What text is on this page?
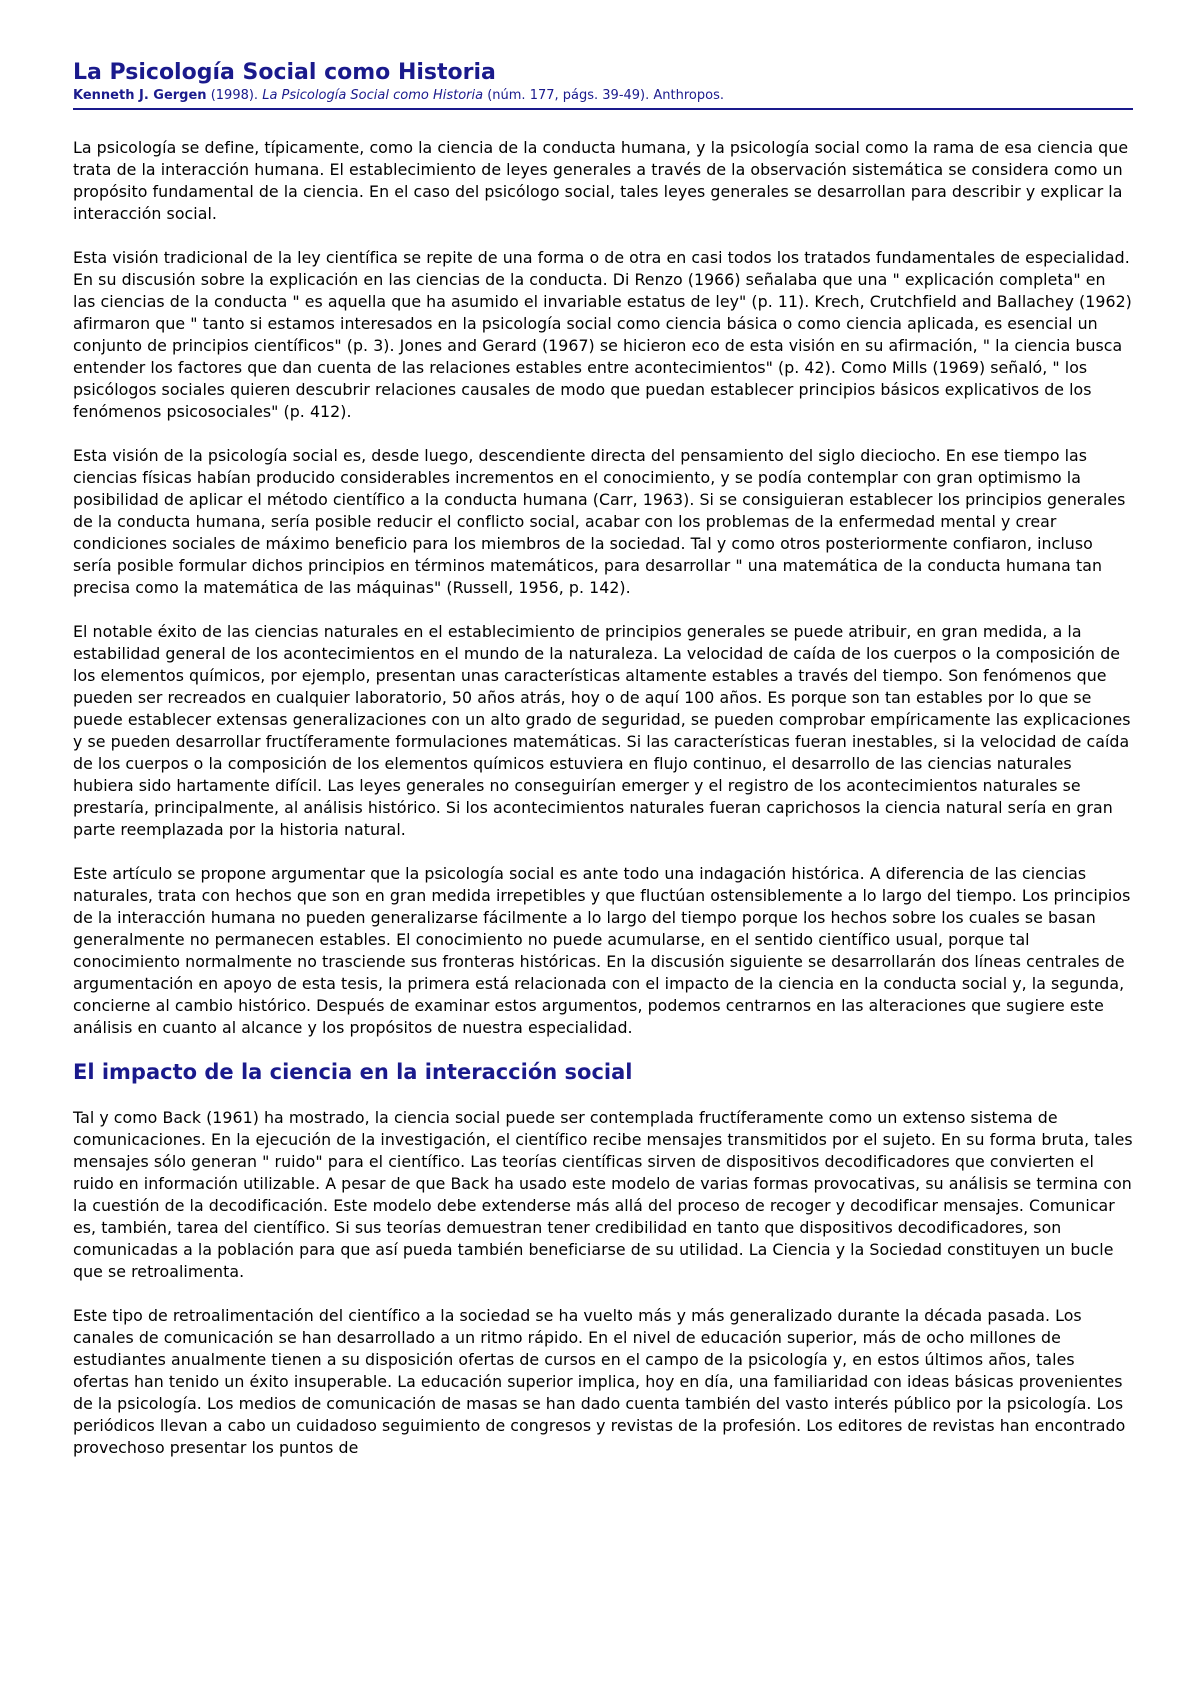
La Psicología Social como Historia
Kenneth J. Gergen (1998). La Psicología Social como Historia (núm. 177, págs. 39-49). Anthropos.

La psicología se define, típicamente, como la ciencia de la conducta humana, y la psicología social como la rama de esa ciencia que trata de la interacción humana. El establecimiento de leyes generales a través de la observación sistemática se considera como un propósito fundamental de la ciencia. En el caso del psicólogo social, tales leyes generales se desarrollan para describir y explicar la interacción social.

Esta visión tradicional de la ley científica se repite de una forma o de otra en casi todos los tratados fundamentales de especialidad. En su discusión sobre la explicación en las ciencias de la conducta. Di Renzo (1966) señalaba que una " explicación completa" en las ciencias de la conducta " es aquella que ha asumido el invariable estatus de ley" (p. 11). Krech, Crutchfield and Ballachey (1962) afirmaron que " tanto si estamos interesados en la psicología social como ciencia básica o como ciencia aplicada, es esencial un conjunto de principios científicos" (p. 3). Jones and Gerard (1967) se hicieron eco de esta visión en su afirmación, " la ciencia busca entender los factores que dan cuenta de las relaciones estables entre acontecimientos" (p. 42). Como Mills (1969) señaló, " los psicólogos sociales quieren descubrir relaciones causales de modo que puedan establecer principios básicos explicativos de los fenómenos psicosociales" (p. 412).

Esta visión de la psicología social es, desde luego, descendiente directa del pensamiento del siglo dieciocho. En ese tiempo las ciencias físicas habían producido considerables incrementos en el conocimiento, y se podía contemplar con gran optimismo la posibilidad de aplicar el método científico a la conducta humana (Carr, 1963). Si se consiguieran establecer los principios generales de la conducta humana, sería posible reducir el conflicto social, acabar con los problemas de la enfermedad mental y crear condiciones sociales de máximo beneficio para los miembros de la sociedad. Tal y como otros posteriormente confiaron, incluso sería posible formular dichos principios en términos matemáticos, para desarrollar " una matemática de la conducta humana tan precisa como la matemática de las máquinas" (Russell, 1956, p. 142).

El notable éxito de las ciencias naturales en el establecimiento de principios generales se puede atribuir, en gran medida, a la estabilidad general de los acontecimientos en el mundo de la naturaleza. La velocidad de caída de los cuerpos o la composición de los elementos químicos, por ejemplo, presentan unas características altamente estables a través del tiempo. Son fenómenos que pueden ser recreados en cualquier laboratorio, 50 años atrás, hoy o de aquí 100 años. Es porque son tan estables por lo que se puede establecer extensas generalizaciones con un alto grado de seguridad, se pueden comprobar empíricamente las explicaciones y se pueden desarrollar fructíferamente formulaciones matemáticas. Si las características fueran inestables, si la velocidad de caída de los cuerpos o la composición de los elementos químicos estuviera en flujo continuo, el desarrollo de las ciencias naturales hubiera sido hartamente difícil. Las leyes generales no conseguirían emerger y el registro de los acontecimientos naturales se prestaría, principalmente, al análisis histórico. Si los acontecimientos naturales fueran caprichosos la ciencia natural sería en gran parte reemplazada por la historia natural.

Este artículo se propone argumentar que la psicología social es ante todo una indagación histórica. A diferencia de las ciencias naturales, trata con hechos que son en gran medida irrepetibles y que fluctúan ostensiblemente a lo largo del tiempo. Los principios de la interacción humana no pueden generalizarse fácilmente a lo largo del tiempo porque los hechos sobre los cuales se basan generalmente no permanecen estables. El conocimiento no puede acumularse, en el sentido científico usual, porque tal conocimiento normalmente no trasciende sus fronteras históricas. En la discusión siguiente se desarrollarán dos líneas centrales de argumentación en apoyo de esta tesis, la primera está relacionada con el impacto de la ciencia en la conducta social y, la segunda, concierne al cambio histórico. Después de examinar estos argumentos, podemos centrarnos en las alteraciones que sugiere este análisis en cuanto al alcance y los propósitos de nuestra especialidad.

El impacto de la ciencia en la interacción social

Tal y como Back (1961) ha mostrado, la ciencia social puede ser contemplada fructíferamente como un extenso sistema de comunicaciones. En la ejecución de la investigación, el científico recibe mensajes transmitidos por el sujeto. En su forma bruta, tales mensajes sólo generan " ruido" para el científico. Las teorías científicas sirven de dispositivos decodificadores que convierten el ruido en información utilizable. A pesar de que Back ha usado este modelo de varias formas provocativas, su análisis se termina con la cuestión de la decodificación. Este modelo debe extenderse más allá del proceso de recoger y decodificar mensajes. Comunicar es, también, tarea del científico. Si sus teorías demuestran tener credibilidad en tanto que dispositivos decodificadores, son comunicadas a la población para que así pueda también beneficiarse de su utilidad. La Ciencia y la Sociedad constituyen un bucle que se retroalimenta.

Este tipo de retroalimentación del científico a la sociedad se ha vuelto más y más generalizado durante la década pasada. Los canales de comunicación se han desarrollado a un ritmo rápido. En el nivel de educación superior, más de ocho millones de estudiantes anualmente tienen a su disposición ofertas de cursos en el campo de la psicología y, en estos últimos años, tales ofertas han tenido un éxito insuperable. La educación superior implica, hoy en día, una familiaridad con ideas básicas provenientes de la psicología. Los medios de comunicación de masas se han dado cuenta también del vasto interés público por la psicología. Los periódicos llevan a cabo un cuidadoso seguimiento de congresos y revistas de la profesión. Los editores de revistas han encontrado provechoso presentar los puntos de
